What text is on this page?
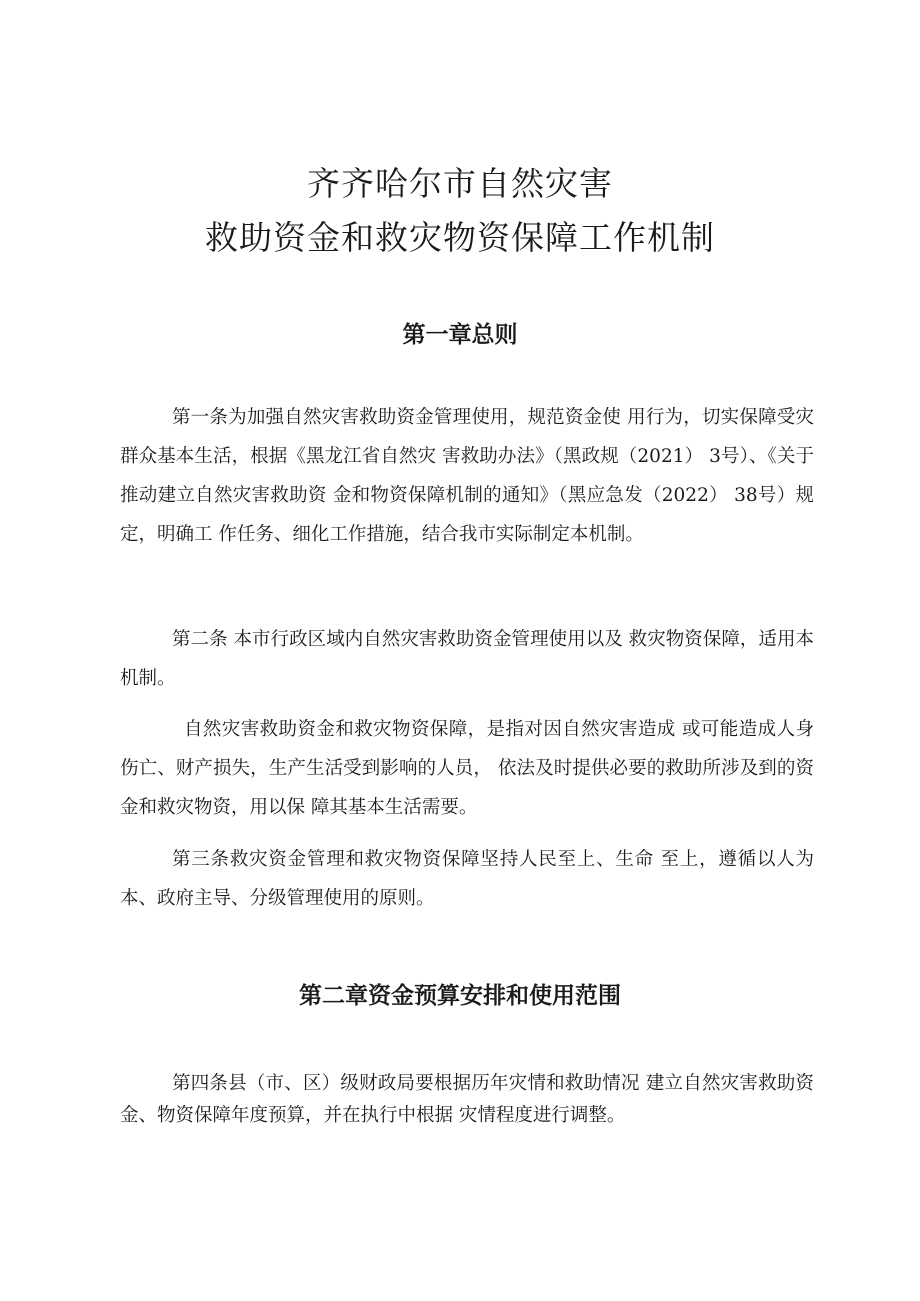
齐齐哈尔市自然灾害
救助资金和救灾物资保障工作机制
第一章总则

第一条为加强自然灾害救助资金管理使用，规范资金使 用行为，切实保障受灾群众基本生活，根据《黑龙江省自然灾 害救助办法》（黑政规（2021） 3号）、《关于推动建立自然灾害救助资 金和物资保障机制的通知》（黑应急发（2022） 38号）规定，明确工 作任务、细化工作措施，结合我市实际制定本机制。

第二条 本市行政区域内自然灾害救助资金管理使用以及 救灾物资保障，适用本机制。

自然灾害救助资金和救灾物资保障，是指对因自然灾害造成 或可能造成人身伤亡、财产损失，生产生活受到影响的人员， 依法及时提供必要的救助所涉及到的资金和救灾物资，用以保 障其基本生活需要。

第三条救灾资金管理和救灾物资保障坚持人民至上、生命 至上，遵循以人为本、政府主导、分级管理使用的原则。

第二章资金预算安排和使用范围

第四条县（市、区）级财政局要根据历年灾情和救助情况 建立自然灾害救助资金、物资保障年度预算，并在执行中根据 灾情程度进行调整。
